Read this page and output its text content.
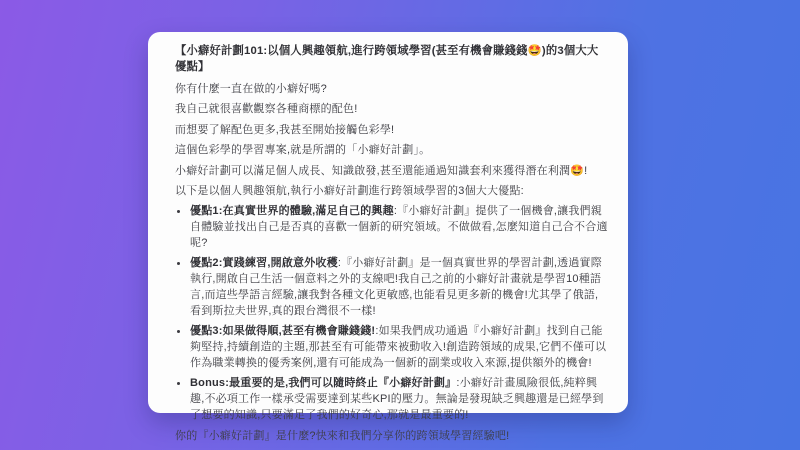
【小癖好計劃101:以個人興趣領航,進行跨領域學習(甚至有機會賺錢錢🤩)的3個大大優點】
你有什麼一直在做的小癖好嗎?
我自己就很喜歡觀察各種商標的配色!
而想要了解配色更多,我甚至開始接觸色彩學!
這個色彩學的學習專案,就是所謂的「小癖好計劃」。
小癖好計劃可以滿足個人成長、知識啟發,甚至還能通過知識套利來獲得潛在利潤🤩!
以下是以個人興趣領航,執行小癖好計劃進行跨領域學習的3個大大優點:
• 優點1:在真實世界的體驗,滿足自己的興趣:『小癖好計劃』提供了一個機會,讓我們親自體驗並找出自己是否真的喜歡一個新的研究領域。不做做看,怎麼知道自己合不合適呢?
• 優點2:實踐練習,開啟意外收穫:『小癖好計劃』是一個真實世界的學習計劃,透過實際執行,開啟自己生活一個意料之外的支線吧!我自己之前的小癖好計畫就是學習10種語言,而這些學語言經驗,讓我對各種文化更敏感,也能看見更多新的機會!尤其學了俄語,看到斯拉夫世界,真的跟台灣很不一樣!
• 優點3:如果做得順,甚至有機會賺錢錢!:如果我們成功通過『小癖好計劃』找到自己能夠堅持,持續創造的主題,那甚至有可能帶來被動收入!創造跨領域的成果,它們不僅可以作為職業轉換的優秀案例,還有可能成為一個新的副業或收入來源,提供額外的機會!
• Bonus:最重要的是,我們可以隨時終止『小癖好計劃』:小癖好計畫風險很低,純粹興趣,不必項工作一樣承受需要達到某些KPI的壓力。無論是發現缺乏興趣還是已經學到了想要的知識,只要滿足了我們的好奇心,那就是最重要的!
你的『小癖好計劃』是什麼?快來和我們分享你的跨領域學習經驗吧!
